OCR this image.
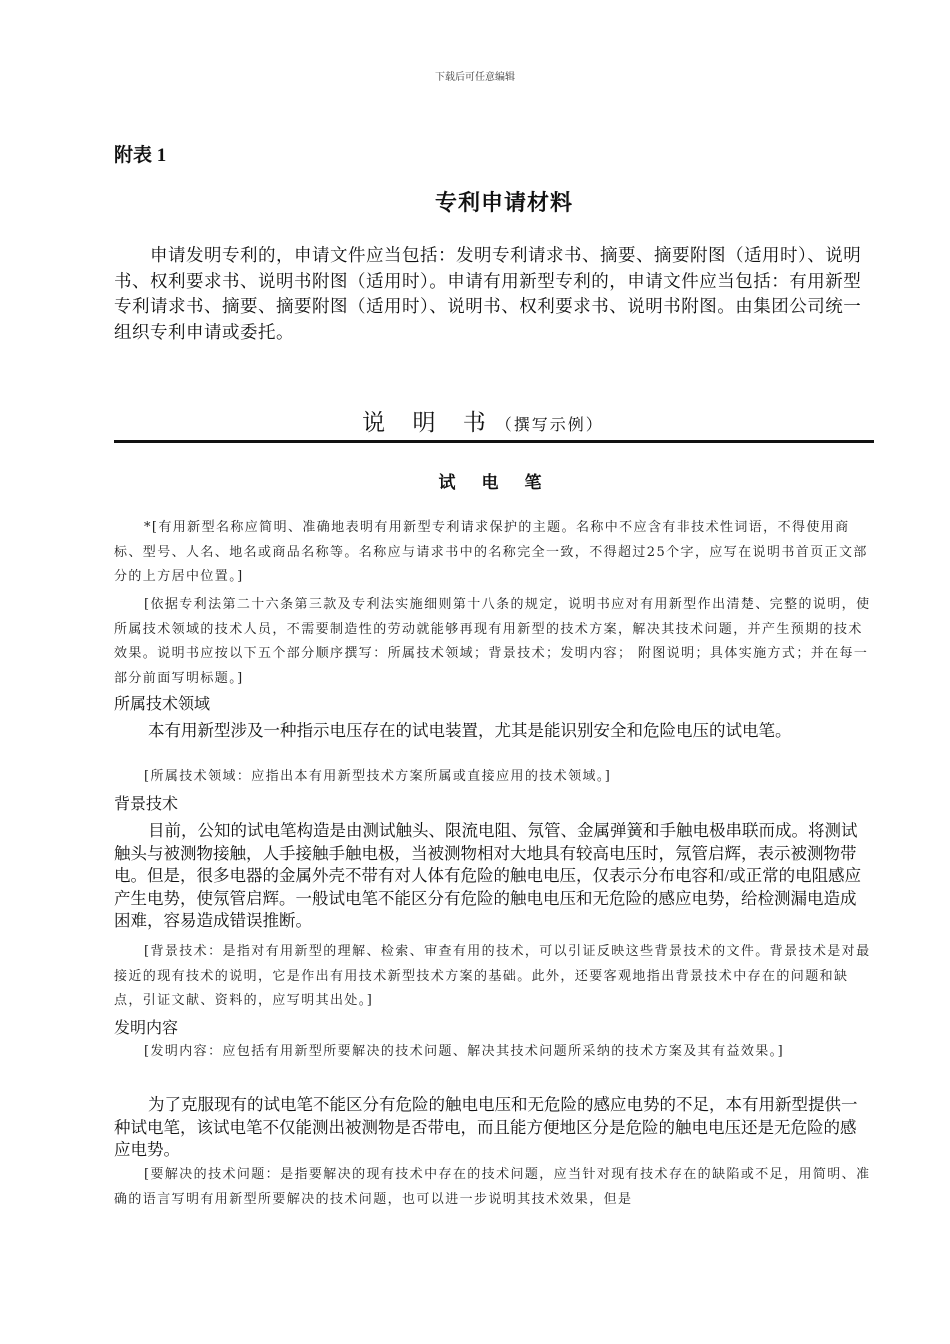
下载后可任意编辑
附表 1
专利申请材料

申请发明专利的，申请文件应当包括：发明专利请求书、摘要、摘要附图（适用时）、说明书、权利要求书、说明书附图（适用时）。申请有用新型专利的，申请文件应当包括：有用新型专利请求书、摘要、摘要附图（适用时）、说明书、权利要求书、说明书附图。由集团公司统一组织专利申请或委托。

说 明 书（撰写示例）
试电笔

*[有用新型名称应简明、准确地表明有用新型专利请求保护的主题。名称中不应含有非技术性词语，不得使用商标、型号、人名、地名或商品名称等。名称应与请求书中的名称完全一致，不得超过25个字，应写在说明书首页正文部分的上方居中位置。]

[依据专利法第二十六条第三款及专利法实施细则第十八条的规定，说明书应对有用新型作出清楚、完整的说明，使所属技术领域的技术人员，不需要制造性的劳动就能够再现有用新型的技术方案，解决其技术问题，并产生预期的技术效果。说明书应按以下五个部分顺序撰写：所属技术领域；背景技术；发明内容； 附图说明；具体实施方式；并在每一部分前面写明标题。]

所属技术领域

本有用新型涉及一种指示电压存在的试电装置，尤其是能识别安全和危险电压的试电笔。

[所属技术领域：应指出本有用新型技术方案所属或直接应用的技术领域。]

背景技术

目前，公知的试电笔构造是由测试触头、限流电阻、氖管、金属弹簧和手触电极串联而成。将测试触头与被测物接触，人手接触手触电极，当被测物相对大地具有较高电压时，氖管启辉，表示被测物带电。但是，很多电器的金属外壳不带有对人体有危险的触电电压，仅表示分布电容和/或正常的电阻感应产生电势，使氖管启辉。一般试电笔不能区分有危险的触电电压和无危险的感应电势，给检测漏电造成困难，容易造成错误推断。

[背景技术：是指对有用新型的理解、检索、审查有用的技术，可以引证反映这些背景技术的文件。背景技术是对最接近的现有技术的说明，它是作出有用技术新型技术方案的基础。此外，还要客观地指出背景技术中存在的问题和缺点，引证文献、资料的，应写明其出处。]

发明内容

[发明内容：应包括有用新型所要解决的技术问题、解决其技术问题所采纳的技术方案及其有益效果。]

为了克服现有的试电笔不能区分有危险的触电电压和无危险的感应电势的不足，本有用新型提供一种试电笔，该试电笔不仅能测出被测物是否带电，而且能方便地区分是危险的触电电压还是无危险的感应电势。

[要解决的技术问题：是指要解决的现有技术中存在的技术问题，应当针对现有技术存在的缺陷或不足，用简明、准确的语言写明有用新型所要解决的技术问题，也可以进一步说明其技术效果，但是
